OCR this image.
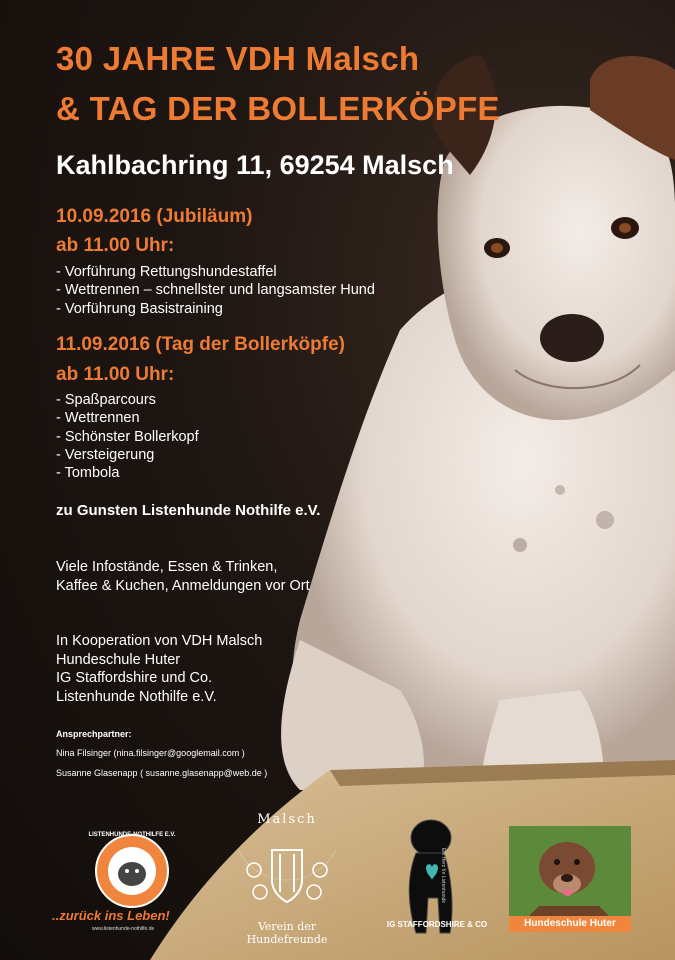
30 JAHRE VDH Malsch
& TAG DER BOLLERKÖPFE
Kahlbachring 11, 69254 Malsch
10.09.2016 (Jubiläum)
ab 11.00 Uhr:
- Vorführung Rettungshundestaffel
- Wettrennen – schnellster und langsamster Hund
- Vorführung Basistraining
11.09.2016 (Tag der Bollerköpfe)
ab 11.00 Uhr:
- Spaßparcours
- Wettrennen
- Schönster Bollerkopf
- Versteigerung
- Tombola
zu Gunsten Listenhunde Nothilfe e.V.
Viele Infostände, Essen & Trinken,
Kaffee & Kuchen, Anmeldungen vor Ort
In Kooperation von VDH Malsch
Hundeschule Huter
IG Staffordshire und Co.
Listenhunde Nothilfe e.V.
Ansprechpartner:
Nina Filsinger (nina.filsinger@googlemail.com )
Susanne Glasenapp ( susanne.glasenapp@web.de )
LISTENHUNDE-NOTHILFE E.V.
..zurück ins Leben!
www.listenhunde-nothilfe.de
Malsch
Verein der Hundefreunde
IG STAFFORDSHIRE & CO
Ein Herz für Listenhunde
Hundeschule Huter
